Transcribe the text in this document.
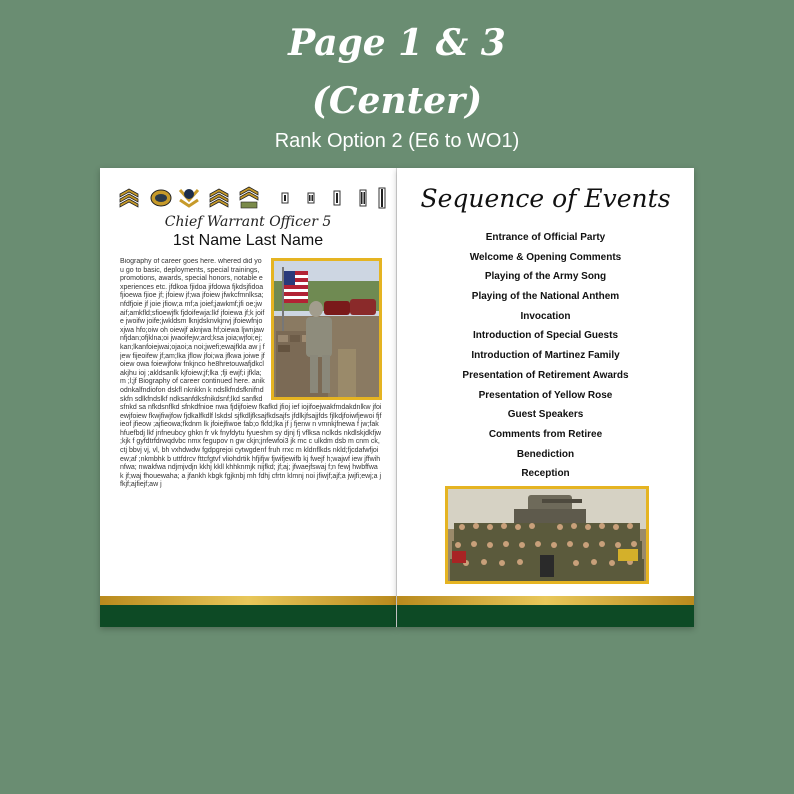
Page 1 & 3
(Center)
Rank Option 2 (E6 to WO1)
Chief Warrant Officer 5
1st Name Last Name
Biography of career goes here. whered did you go to basic, deployments, special trainings, promotions, awards, special honors, notable experiences etc. jfdkoa fjidoa jifdowa fjkdsjfidoa fjioewa fjioe jf; jfoiew jf;wa jfoiew jfwkcfmnlksa;nfdfjoie jf joie jfiow;a mf;a joief;jawkmf;jfi oe;jwaif;amkfld;sfioewjfk fjdoifewja:lkf jfoiewa jf;k joife jwoifw joife;jwkldsm lknjdsknvkjnvj jfoiewfnjoxjwa hfo;oiw oh oiewjf aknjwa hf;oiewa ljwnjawnfjdan;ofjklna;oi jwaoifejw;ard;ksa joia;wjfoi;ej;kan;lkanfoiejwai;ojaoi;a noi;jwefi;ewajfkla aw j fjew fijeoifew jf;am;lka jflow jfoi;wa jfkwa joiwe jfoiew owa foiewjfoiw fnkjnco he8hretouwafjdkclakjhu ioj ;akldsanlk kjfoiew;jf;lka ;fji ewjf;i jfkla;m ;l;jf Biography of career continued here. anik odnkalfndiofon dskfl nknkkn k ndslkfndsfknifndskfn sdlkfndslkf ndksanfdksfnikdsnf;lkd sanfkdsfnkd sa nfkdsnflkd sfnkdfnioe nwa fjdijfoiew fkafkd jfioj ief iojifoejwakfmdakdnlkw jfoiewjfoiew fkwjfiwjfow fjdkalfkdlf lskdsl sjfkdljfksajfkdsajfs jfdlkjfsajjfds fjlkdjfoiwfjewoi fjfieof jfieow ;ajfieowa;fkdnm lk jfoiejfiwoe fab;o fkfd;lka jf j fjenw n vmnkjfnewa f jw;fak hfuefbdj lkf jnfneubcy ghkn fr vk fnyfdytu fyueshm sy djnj fj vflksa nclkds nkdlskjdkfjw ;kjk f gyfdtrfdrwqdvbc nmx fegupov n gw ckjn;jnfewfoi3 jk mc c ulkdm dsb m cnm ck, ctj bbvj vj, vl, bh vxhdwdw fgdpgrejoi cytwgdenf fruh rrxc m kldnflkds nkld;fjcdafwfjoiew;af ;nkmbhk b uttfdrcv fttcfgtvf vliohdrtik hfjifjw fjwifjewifb kj fwejf h;wajwf iew jffwih nfwa; nwakfwa ndjmjvdjn kkhj kkll khhknmjk nijfkd; jf;aj; jfwaejfswaj f;n fewj hwbffwa k jf;waj fhouewaha; a jfankh kbgk fgjknbj mh fdhj cfrtn klmnj noi jfiwjf;ajf;a jwjfi;ewj;a jfkjf;ajfiejf;aw j
Sequence of Events
Entrance of Official Party
Welcome & Opening Comments
Playing of the Army Song
Playing of the National Anthem
Invocation
Introduction of Special Guests
Introduction of Martinez Family
Presentation of Retirement Awards
Presentation of Yellow Rose
Guest Speakers
Comments from Retiree
Benediction
Reception
